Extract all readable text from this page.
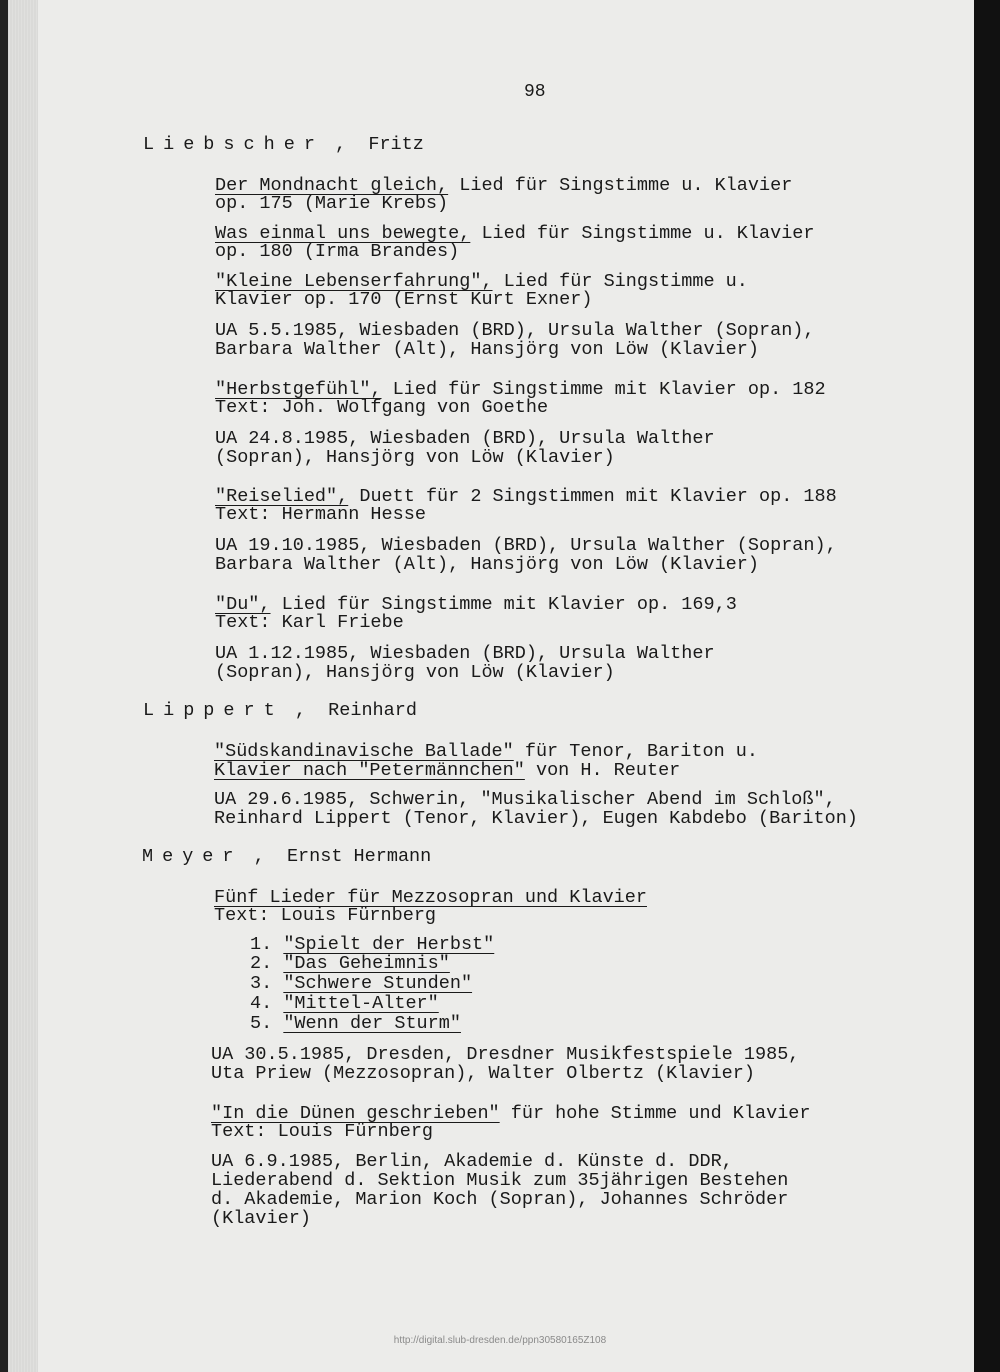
98
Liebscher ,  Fritz
Der Mondnacht gleich, Lied für Singstimme u. Klavier
op. 175 (Marie Krebs)
Was einmal uns bewegte, Lied für Singstimme u. Klavier
op. 180 (Irma Brandes)
"Kleine Lebenserfahrung", Lied für Singstimme u.
Klavier op. 170 (Ernst Kurt Exner)
UA 5.5.1985, Wiesbaden (BRD), Ursula Walther (Sopran),
Barbara Walther (Alt), Hansjörg von Löw (Klavier)
"Herbstgefühl", Lied für Singstimme mit Klavier op. 182
Text: Joh. Wolfgang von Goethe
UA 24.8.1985, Wiesbaden (BRD), Ursula Walther
(Sopran), Hansjörg von Löw (Klavier)
"Reiselied", Duett für 2 Singstimmen mit Klavier op. 188
Text: Hermann Hesse
UA 19.10.1985, Wiesbaden (BRD), Ursula Walther (Sopran),
Barbara Walther (Alt), Hansjörg von Löw (Klavier)
"Du", Lied für Singstimme mit Klavier op. 169,3
Text: Karl Friebe
UA 1.12.1985, Wiesbaden (BRD), Ursula Walther
(Sopran), Hansjörg von Löw (Klavier)
Lippert ,  Reinhard
"Südskandinavische Ballade" für Tenor, Bariton u.
Klavier nach "Petermännchen" von H. Reuter
UA 29.6.1985, Schwerin, "Musikalischer Abend im Schloß",
Reinhard Lippert (Tenor, Klavier), Eugen Kabdebo (Bariton)
Meyer ,  Ernst Hermann
Fünf Lieder für Mezzosopran und Klavier
Text: Louis Fürnberg
1. "Spielt der Herbst"
2. "Das Geheimnis"
3. "Schwere Stunden"
4. "Mittel-Alter"
5. "Wenn der Sturm"
UA 30.5.1985, Dresden, Dresdner Musikfestspiele 1985,
Uta Priew (Mezzosopran), Walter Olbertz (Klavier)
"In die Dünen geschrieben" für hohe Stimme und Klavier
Text: Louis Fürnberg
UA 6.9.1985, Berlin, Akademie d. Künste d. DDR,
Liederabend d. Sektion Musik zum 35jährigen Bestehen
d. Akademie, Marion Koch (Sopran), Johannes Schröder
(Klavier)
http://digital.slub-dresden.de/ppn30580165Z108
